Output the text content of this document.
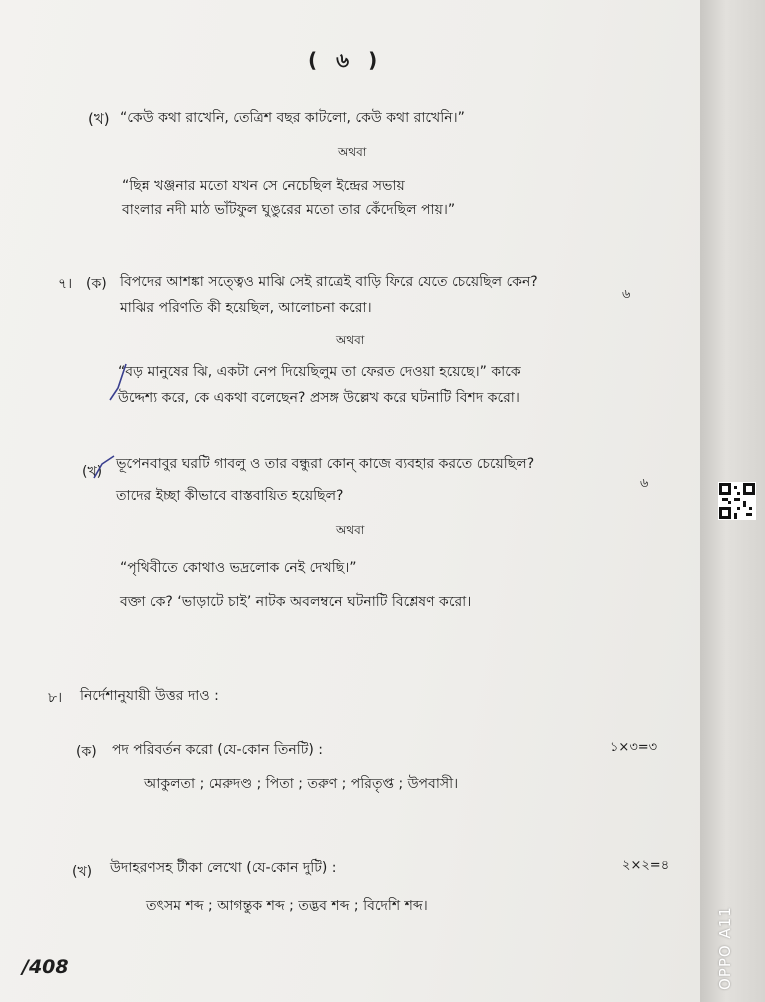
( ৬ )
(খ) “কেউ কথা রাখেনি, তেত্রিশ বছর কাটলো, কেউ কথা রাখেনি।”
অথবা
“ছিন্ন খঞ্জনার মতো যখন সে নেচেছিল ইন্দ্রের সভায়
বাংলার নদী মাঠ ভাঁটফুল ঘুঙুরের মতো তার কেঁদেছিল পায়।”
৭। (ক) বিপদের আশঙ্কা সত্ত্বেও মাঝি সেই রাত্রেই বাড়ি ফিরে যেতে চেয়েছিল কেন?
মাঝির পরিণতি কী হয়েছিল, আলোচনা করো।
৬
অথবা
“বড় মানুষের ঝি, একটা নেপ দিয়েছিলুম তা ফেরত দেওয়া হয়েছে।” কাকে
উদ্দেশ্য করে, কে একথা বলেছেন? প্রসঙ্গ উল্লেখ করে ঘটনাটি বিশদ করো।
(খ) ভূপেনবাবুর ঘরটি গাবলু ও তার বন্ধুরা কোন্ কাজে ব্যবহার করতে চেয়েছিল?
তাদের ইচ্ছা কীভাবে বাস্তবায়িত হয়েছিল?
৬
অথবা
“পৃথিবীতে কোথাও ভদ্রলোক নেই দেখছি।”
বক্তা কে? ‘ভাড়াটে চাই’ নাটক অবলম্বনে ঘটনাটি বিশ্লেষণ করো।
৮। নির্দেশানুযায়ী উত্তর দাও :
(ক) পদ পরিবর্তন করো (যে-কোন তিনটি) :	১×৩=৩
আকুলতা ; মেরুদণ্ড ; পিতা ; তরুণ ; পরিতৃপ্ত ; উপবাসী।
(খ) উদাহরণসহ টীকা লেখো (যে-কোন দুটি) :	২×২=৪
তৎসম শব্দ ; আগন্তুক শব্দ ; তদ্ভব শব্দ ; বিদেশি শব্দ।
/408	OPPO A11
